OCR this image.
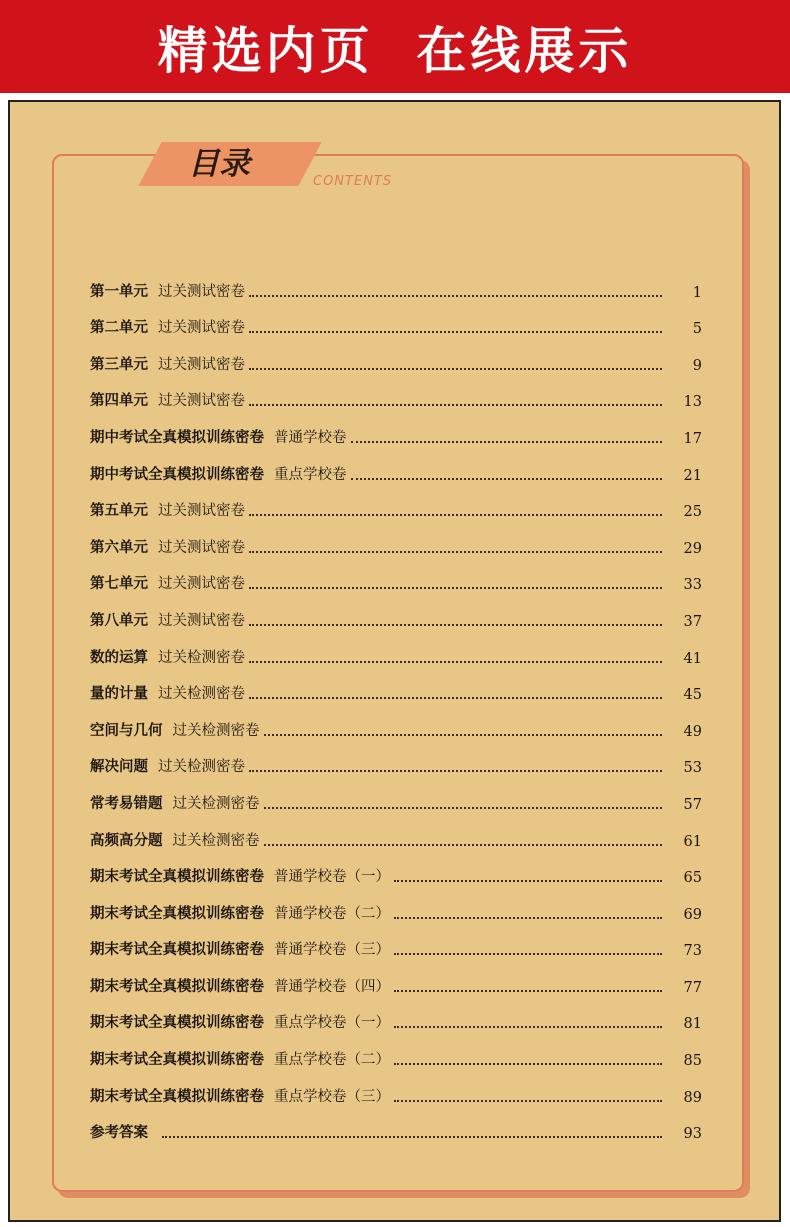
精选内页  在线展示
目录	CONTENTS
第一单元 过关测试密卷	1
第二单元 过关测试密卷	5
第三单元 过关测试密卷	9
第四单元 过关测试密卷	13
期中考试全真模拟训练密卷 普通学校卷	17
期中考试全真模拟训练密卷 重点学校卷	21
第五单元 过关测试密卷	25
第六单元 过关测试密卷	29
第七单元 过关测试密卷	33
第八单元 过关测试密卷	37
数的运算 过关检测密卷	41
量的计量 过关检测密卷	45
空间与几何 过关检测密卷	49
解决问题 过关检测密卷	53
常考易错题 过关检测密卷	57
高频高分题 过关检测密卷	61
期末考试全真模拟训练密卷 普通学校卷（一）	65
期末考试全真模拟训练密卷 普通学校卷（二）	69
期末考试全真模拟训练密卷 普通学校卷（三）	73
期末考试全真模拟训练密卷 普通学校卷（四）	77
期末考试全真模拟训练密卷 重点学校卷（一）	81
期末考试全真模拟训练密卷 重点学校卷（二）	85
期末考试全真模拟训练密卷 重点学校卷（三）	89
参考答案	93
